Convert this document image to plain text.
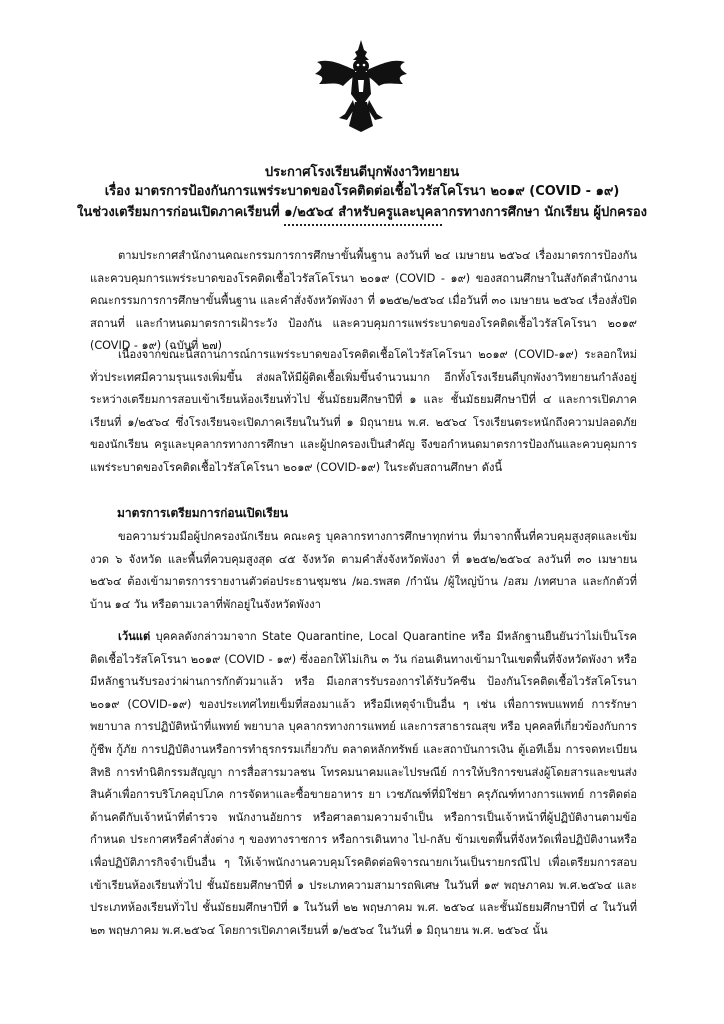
ประกาศโรงเรียนดีบุกพังงาวิทยายน
เรื่อง มาตรการป้องกันการแพร่ระบาดของโรคติดต่อเชื้อไวรัสโคโรนา ๒๐๑๙ (COVID - ๑๙)
ในช่วงเตรียมการก่อนเปิดภาคเรียนที่ ๑/๒๕๖๔ สำหรับครูและบุคลากรทางการศึกษา นักเรียน ผู้ปกครอง
ตามประกาศสำนักงานคณะกรรมการการศึกษาขั้นพื้นฐาน ลงวันที่ ๒๔ เมษายน ๒๕๖๔ เรื่องมาตรการป้องกันและควบคุมการแพร่ระบาดของโรคติดเชื้อไวรัสโคโรนา ๒๐๑๙ (COVID - ๑๙) ของสถานศึกษาในสังกัดสำนักงานคณะกรรมการการศึกษาขั้นพื้นฐาน และคำสั่งจังหวัดพังงา ที่ ๑๒๕๒/๒๕๖๔ เมื่อวันที่ ๓๐ เมษายน ๒๕๖๔ เรื่องสั่งปิดสถานที่ และกำหนดมาตรการเฝ้าระวัง ป้องกัน และควบคุมการแพร่ระบาดของโรคติดเชื้อไวรัสโคโรนา ๒๐๑๙ (COVID - ๑๙) (ฉบับที่ ๒๗)
เนื่องจากขณะนี้สถานการณ์การแพร่ระบาดของโรคติดเชื้อโคไวรัสโคโรนา ๒๐๑๙ (COVID-๑๙) ระลอกใหม่ทั่วประเทศมีความรุนแรงเพิ่มขึ้น ส่งผลให้มีผู้ติดเชื้อเพิ่มขึ้นจำนวนมาก อีกทั้งโรงเรียนดีบุกพังงาวิทยายนกำลังอยู่ระหว่างเตรียมการสอบเข้าเรียนห้องเรียนทั่วไป ชั้นมัธยมศึกษาปีที่ ๑ และ ชั้นมัธยมศึกษาปีที่ ๔ และการเปิดภาคเรียนที่ ๑/๒๕๖๔ ซึ่งโรงเรียนจะเปิดภาคเรียนในวันที่ ๑ มิถุนายน พ.ศ. ๒๕๖๔ โรงเรียนตระหนักถึงความปลอดภัยของนักเรียน ครูและบุคลากรทางการศึกษา และผู้ปกครองเป็นสำคัญ จึงขอกำหนดมาตรการป้องกันและควบคุมการแพร่ระบาดของโรคติดเชื้อไวรัสโคโรนา ๒๐๑๙ (COVID-๑๙) ในระดับสถานศึกษา ดังนี้
มาตรการเตรียมการก่อนเปิดเรียน
ขอความร่วมมือผู้ปกครองนักเรียน คณะครู บุคลากรทางการศึกษาทุกท่าน ที่มาจากพื้นที่ควบคุมสูงสุดและเข้มงวด ๖ จังหวัด และพื้นที่ควบคุมสูงสุด ๔๕ จังหวัด ตามคำสั่งจังหวัดพังงา ที่ ๑๒๕๒/๒๕๖๔ ลงวันที่ ๓๐ เมษายน ๒๕๖๔ ต้องเข้ามาตรการรายงานตัวต่อประธานชุมชน /ผอ.รพสต /กำนัน /ผู้ใหญ่บ้าน /อสม /เทศบาล และกักตัวที่บ้าน ๑๔ วัน หรือตามเวลาที่พักอยู่ในจังหวัดพังงา
เว้นแต่ บุคคลดังกล่าวมาจาก State Quarantine, Local Quarantine หรือ มีหลักฐานยืนยันว่าไม่เป็นโรคติดเชื้อไวรัสโคโรนา ๒๐๑๙ (COVID - ๑๙) ซึ่งออกให้ไม่เกิน ๓ วัน ก่อนเดินทางเข้ามาในเขตพื้นที่จังหวัดพังงา หรือ มีหลักฐานรับรองว่าผ่านการกักตัวมาแล้ว หรือ มีเอกสารรับรองการได้รับวัคซีน ป้องกันโรคติดเชื้อไวรัสโคโรนา ๒๐๑๙ (COVID-๑๙) ของประเทศไทยเข็มที่สองมาแล้ว หรือมีเหตุจำเป็นอื่น ๆ เช่น เพื่อการพบแพทย์ การรักษาพยาบาล การปฏิบัติหน้าที่แพทย์ พยาบาล บุคลากรทางการแพทย์ และการสาธารณสุข หรือ บุคคลที่เกี่ยวข้องกับการกู้ชีพ กู้ภัย การปฏิบัติงานหรือการทำธุรกรรมเกี่ยวกับ ตลาดหลักทรัพย์ และสถาบันการเงิน ตู้เอทีเอ็ม การจดทะเบียนสิทธิ การทำนิติกรรมสัญญา การสื่อสารมวลชน โทรคมนาคมและไปรษณีย์ การให้บริการขนส่งผู้โดยสารและขนส่งสินค้าเพื่อการบริโภคอุปโภค การจัดหาและซื้อขายอาหาร ยา เวชภัณฑ์ที่มิใช่ยา ครุภัณฑ์ทางการแพทย์ การติดต่อด้านคดีกับเจ้าหน้าที่ตำรวจ พนักงานอัยการ หรือศาลตามความจำเป็น หรือการเป็นเจ้าหน้าที่ผู้ปฏิบัติงานตามข้อกำหนด ประกาศหรือคำสั่งต่าง ๆ ของทางราชการ หรือการเดินทาง ไป-กลับ ข้ามเขตพื้นที่จังหวัดเพื่อปฏิบัติงานหรือเพื่อปฏิบัติภารกิจจำเป็นอื่น ๆ ให้เจ้าพนักงานควบคุมโรคติดต่อพิจารณายกเว้นเป็นรายกรณีไป เพื่อเตรียมการสอบเข้าเรียนห้องเรียนทั่วไป ชั้นมัธยมศึกษาปีที่ ๑ ประเภทความสามารถพิเศษ ในวันที่ ๑๙ พฤษภาคม พ.ศ.๒๕๖๔ และประเภทห้องเรียนทั่วไป ชั้นมัธยมศึกษาปีที่ ๑ ในวันที่ ๒๒ พฤษภาคม พ.ศ. ๒๕๖๔ และชั้นมัธยมศึกษาปีที่ ๔ ในวันที่ ๒๓ พฤษภาคม พ.ศ.๒๕๖๔ โดยการเปิดภาคเรียนที่ ๑/๒๕๖๔ ในวันที่ ๑ มิถุนายน พ.ศ. ๒๕๖๔ นั้น
